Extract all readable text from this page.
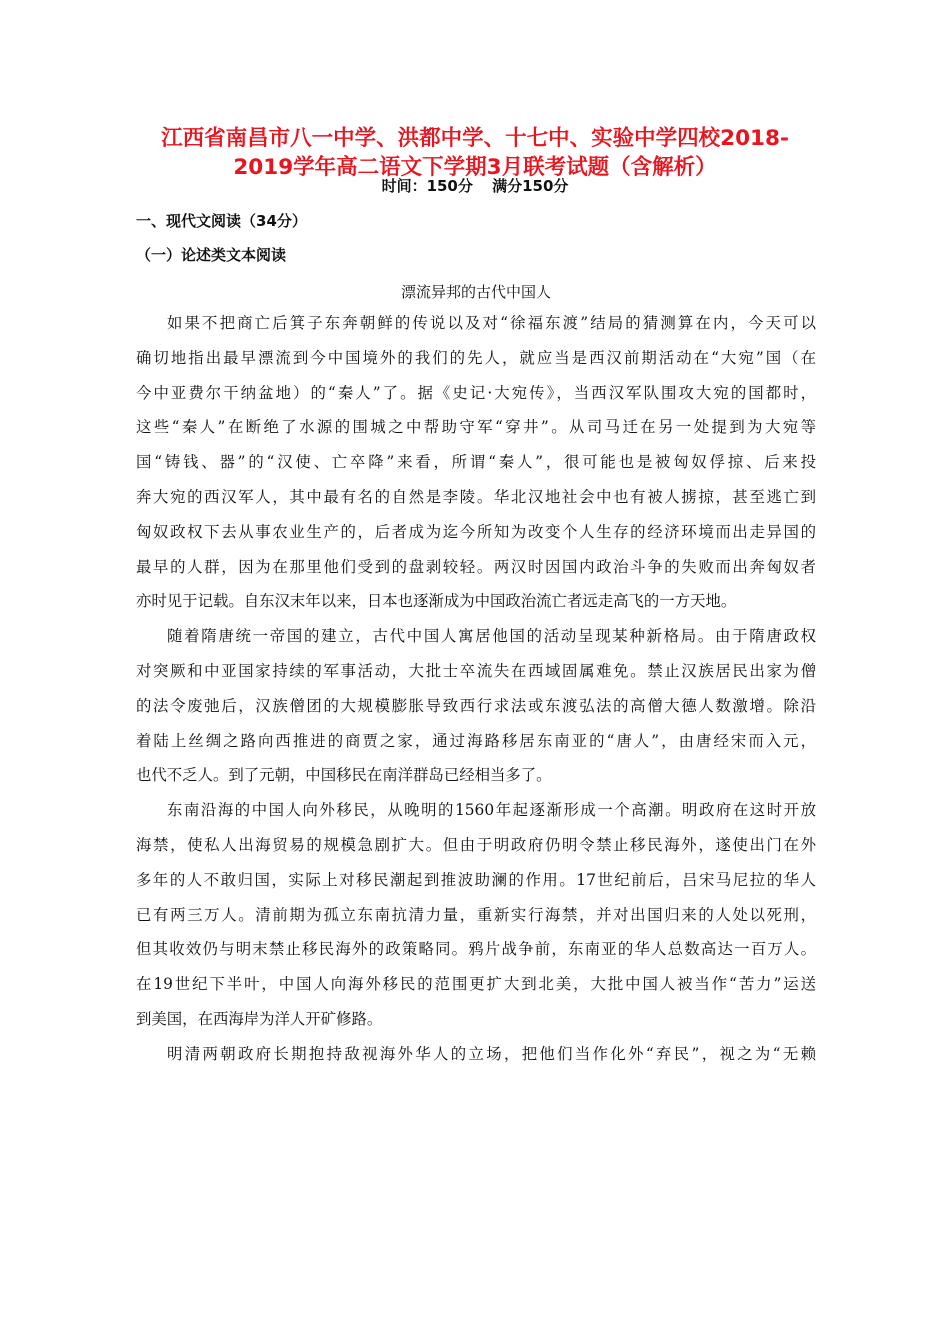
江西省南昌市八一中学、洪都中学、十七中、实验中学四校2018-
2019学年高二语文下学期3月联考试题（含解析）
时间：150分 满分150分
一、现代文阅读（34分）
（一）论述类文本阅读
漂流异邦的古代中国人
如果不把商亡后箕子东奔朝鲜的传说以及对“徐福东渡”结局的猜测算在内，今天可以
确切地指出最早漂流到今中国境外的我们的先人，就应当是西汉前期活动在“大宛”国（在
今中亚费尔干纳盆地）的“秦人”了。据《史记·大宛传》，当西汉军队围攻大宛的国都时，
这些“秦人”在断绝了水源的围城之中帮助守军“穿井”。从司马迁在另一处提到为大宛等
国“铸钱、器”的“汉使、亡卒降”来看，所谓“秦人”，很可能也是被匈奴俘掠、后来投
奔大宛的西汉军人，其中最有名的自然是李陵。华北汉地社会中也有被人掳掠，甚至逃亡到
匈奴政权下去从事农业生产的，后者成为迄今所知为改变个人生存的经济环境而出走异国的
最早的人群，因为在那里他们受到的盘剥较轻。两汉时因国内政治斗争的失败而出奔匈奴者
亦时见于记载。自东汉末年以来，日本也逐渐成为中国政治流亡者远走高飞的一方天地。
随着隋唐统一帝国的建立，古代中国人寓居他国的活动呈现某种新格局。由于隋唐政权
对突厥和中亚国家持续的军事活动，大批士卒流失在西域固属难免。禁止汉族居民出家为僧
的法令废弛后，汉族僧团的大规模膨胀导致西行求法或东渡弘法的高僧大德人数激增。除沿
着陆上丝绸之路向西推进的商贾之家，通过海路移居东南亚的“唐人”，由唐经宋而入元，
也代不乏人。到了元朝，中国移民在南洋群岛已经相当多了。
东南沿海的中国人向外移民，从晚明的1560年起逐渐形成一个高潮。明政府在这时开放
海禁，使私人出海贸易的规模急剧扩大。但由于明政府仍明令禁止移民海外，遂使出门在外
多年的人不敢归国，实际上对移民潮起到推波助澜的作用。17世纪前后，吕宋马尼拉的华人
已有两三万人。清前期为孤立东南抗清力量，重新实行海禁，并对出国归来的人处以死刑，
但其收效仍与明末禁止移民海外的政策略同。鸦片战争前，东南亚的华人总数高达一百万人。
在19世纪下半叶，中国人向海外移民的范围更扩大到北美，大批中国人被当作“苦力”运送
到美国，在西海岸为洋人开矿修路。
明清两朝政府长期抱持敌视海外华人的立场，把他们当作化外“弃民”，视之为“无赖
